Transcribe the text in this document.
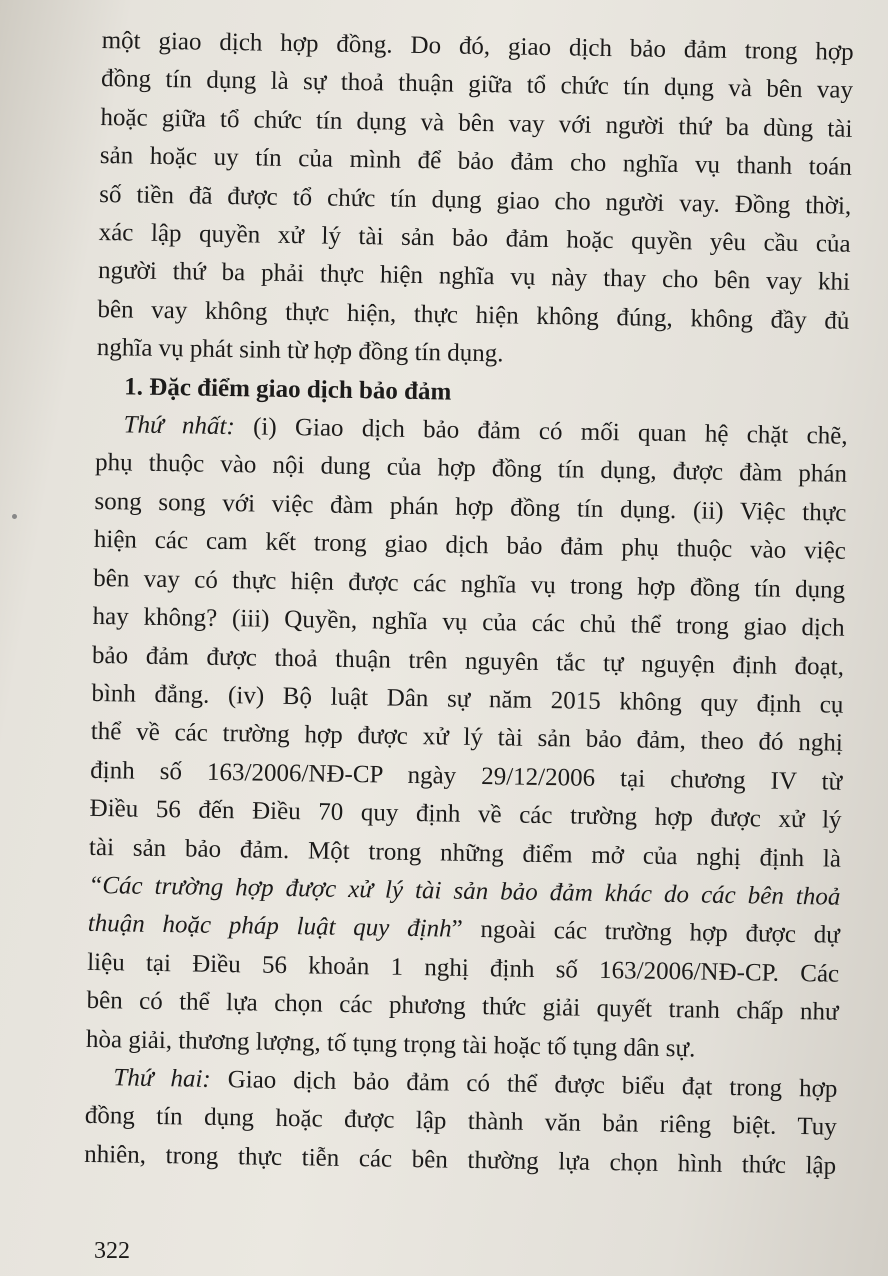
một giao dịch hợp đồng. Do đó, giao dịch bảo đảm trong hợp
đồng tín dụng là sự thoả thuận giữa tổ chức tín dụng và bên vay
hoặc giữa tổ chức tín dụng và bên vay với người thứ ba dùng tài
sản hoặc uy tín của mình để bảo đảm cho nghĩa vụ thanh toán
số tiền đã được tổ chức tín dụng giao cho người vay. Đồng thời,
xác lập quyền xử lý tài sản bảo đảm hoặc quyền yêu cầu của
người thứ ba phải thực hiện nghĩa vụ này thay cho bên vay khi
bên vay không thực hiện, thực hiện không đúng, không đầy đủ
nghĩa vụ phát sinh từ hợp đồng tín dụng.
1. Đặc điểm giao dịch bảo đảm
Thứ nhất: (i) Giao dịch bảo đảm có mối quan hệ chặt chẽ,
phụ thuộc vào nội dung của hợp đồng tín dụng, được đàm phán
song song với việc đàm phán hợp đồng tín dụng. (ii) Việc thực
hiện các cam kết trong giao dịch bảo đảm phụ thuộc vào việc
bên vay có thực hiện được các nghĩa vụ trong hợp đồng tín dụng
hay không? (iii) Quyền, nghĩa vụ của các chủ thể trong giao dịch
bảo đảm được thoả thuận trên nguyên tắc tự nguyện định đoạt,
bình đẳng. (iv) Bộ luật Dân sự năm 2015 không quy định cụ
thể về các trường hợp được xử lý tài sản bảo đảm, theo đó nghị
định số 163/2006/NĐ-CP ngày 29/12/2006 tại chương IV từ
Điều 56 đến Điều 70 quy định về các trường hợp được xử lý
tài sản bảo đảm. Một trong những điểm mở của nghị định là
“Các trường hợp được xử lý tài sản bảo đảm khác do các bên thoả
thuận hoặc pháp luật quy định” ngoài các trường hợp được dự
liệu tại Điều 56 khoản 1 nghị định số 163/2006/NĐ-CP. Các
bên có thể lựa chọn các phương thức giải quyết tranh chấp như
hòa giải, thương lượng, tố tụng trọng tài hoặc tố tụng dân sự.
Thứ hai: Giao dịch bảo đảm có thể được biểu đạt trong hợp
đồng tín dụng hoặc được lập thành văn bản riêng biệt. Tuy
nhiên, trong thực tiễn các bên thường lựa chọn hình thức lập
322
